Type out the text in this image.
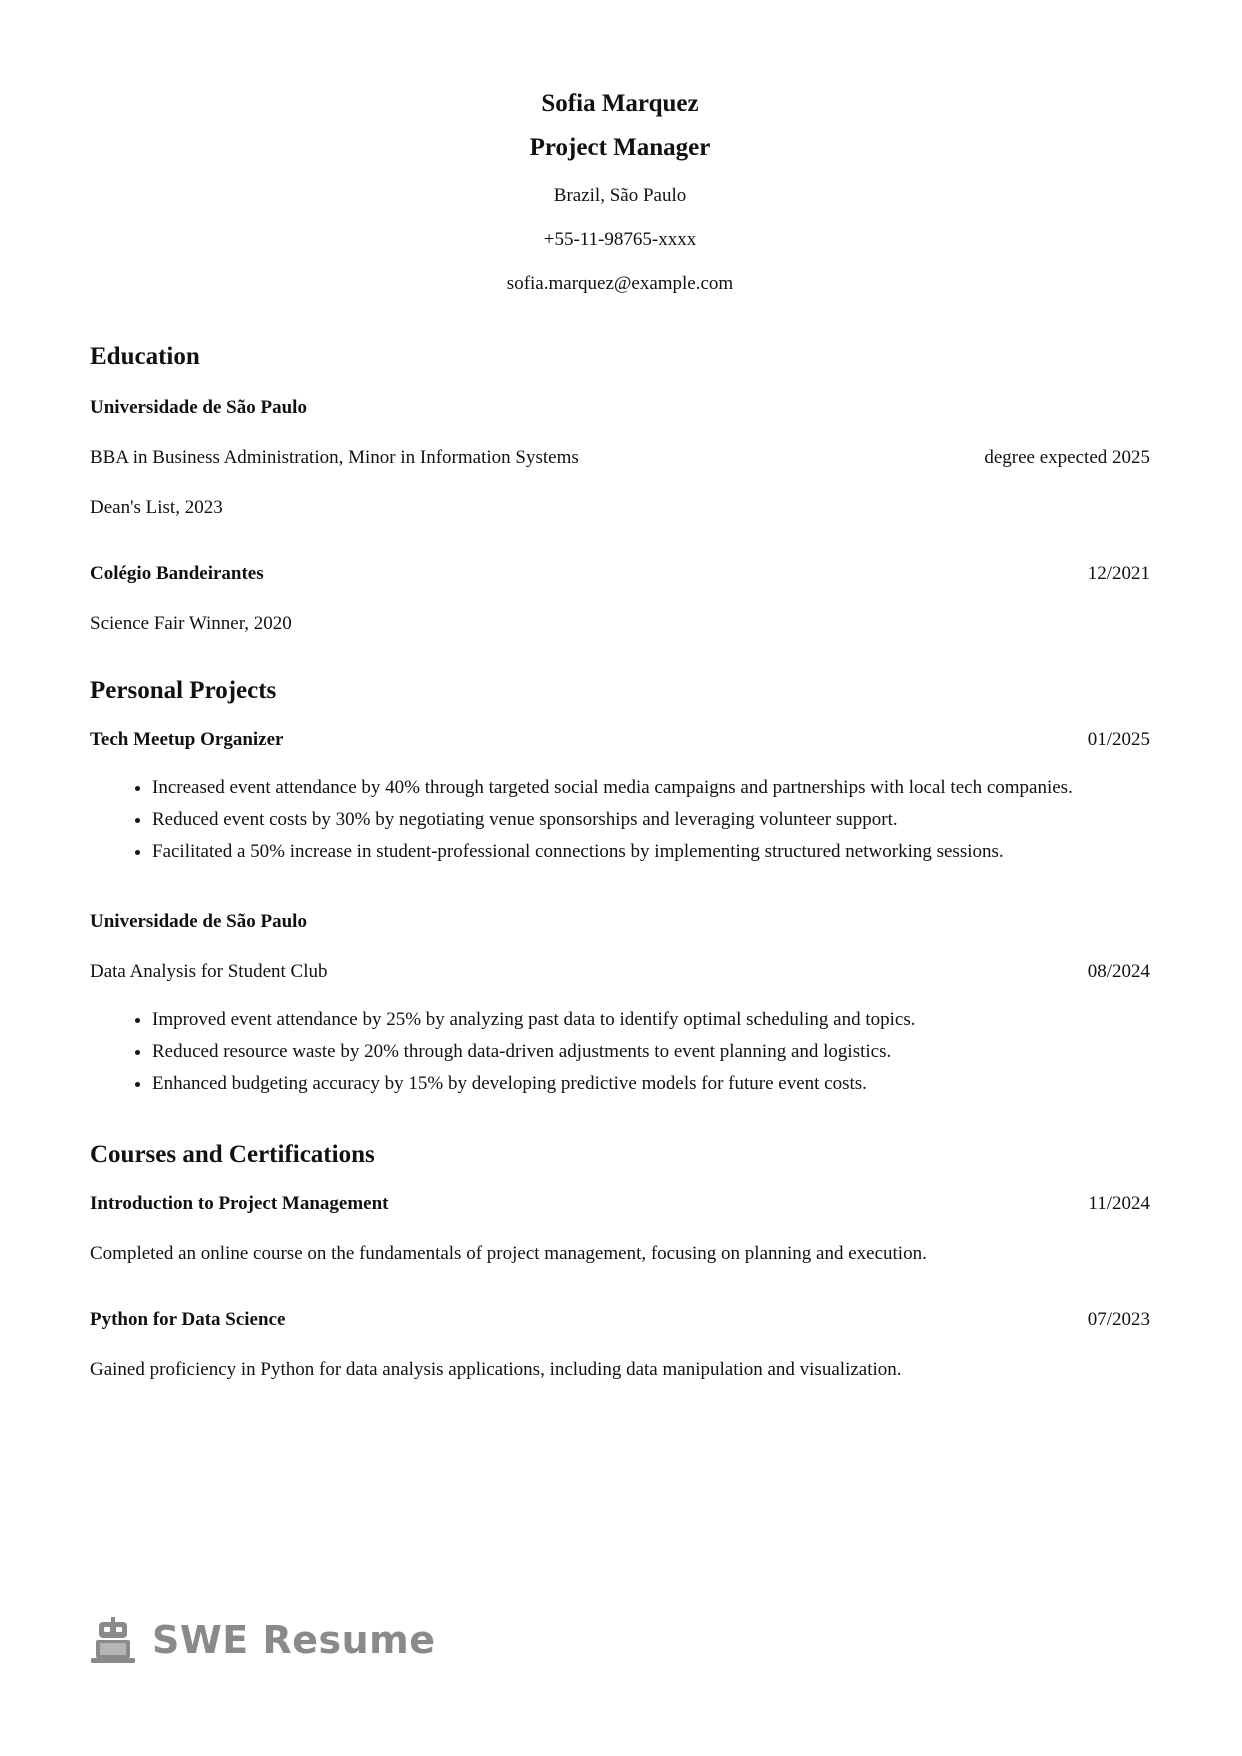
Sofia Marquez

Project Manager

Brazil, São Paulo

+55-11-98765-xxxx

sofia.marquez@example.com

Education
Universidade de São Paulo
BBA in Business Administration, Minor in Information Systems	degree expected 2025

Dean's List, 2023

Colégio Bandeirantes	12/2021

Science Fair Winner, 2020

Personal Projects
Tech Meetup Organizer	01/2025
• Increased event attendance by 40% through targeted social media campaigns and partnerships with local tech companies.
• Reduced event costs by 30% by negotiating venue sponsorships and leveraging volunteer support.
• Facilitated a 50% increase in student-professional connections by implementing structured networking sessions.
Universidade de São Paulo
Data Analysis for Student Club	08/2024
• Improved event attendance by 25% by analyzing past data to identify optimal scheduling and topics.
• Reduced resource waste by 20% through data-driven adjustments to event planning and logistics.
• Enhanced budgeting accuracy by 15% by developing predictive models for future event costs.
Courses and Certifications
Introduction to Project Management	11/2024

Completed an online course on the fundamentals of project management, focusing on planning and execution.

Python for Data Science	07/2023

Gained proficiency in Python for data analysis applications, including data manipulation and visualization.

SWE Resume
